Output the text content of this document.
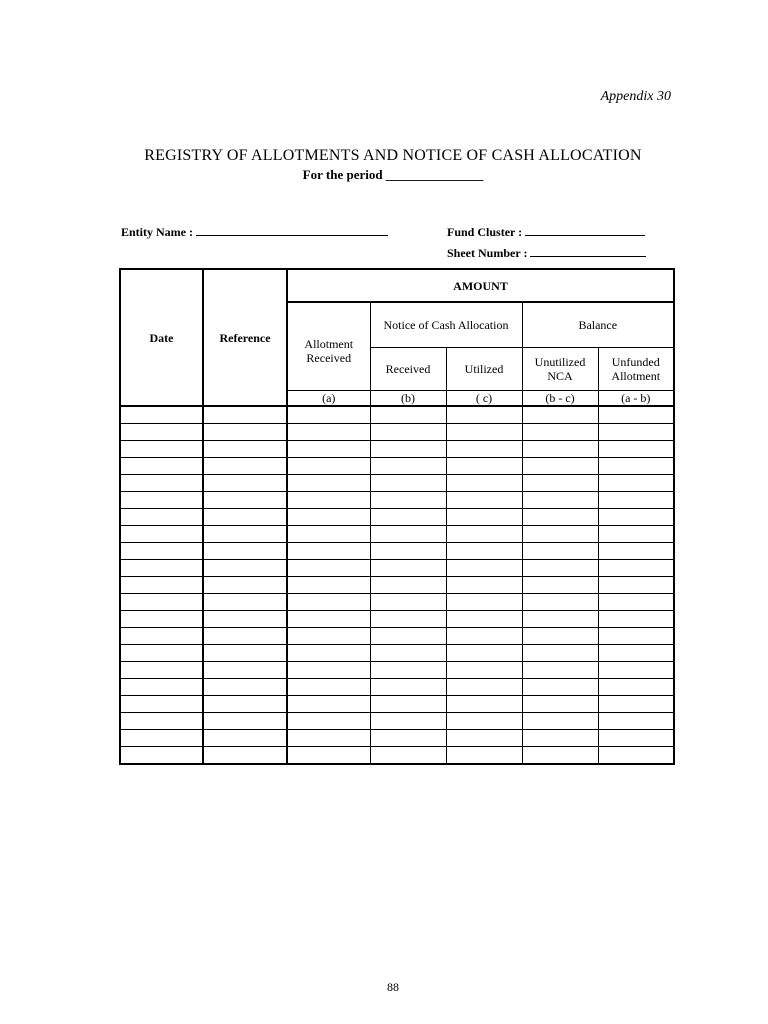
Appendix 30
REGISTRY OF ALLOTMENTS AND NOTICE OF CASH ALLOCATION
For the period _______________
Entity Name :	Fund Cluster :
Sheet Number :
Date	Reference	AMOUNT				

		Allotment Received	Notice of Cash Allocation		Balance	
			Received	Utilized	Unutilized NCA	Unfunded Allotment

		(a)	(b)	( c)	(b - c)	(a - b)

88
